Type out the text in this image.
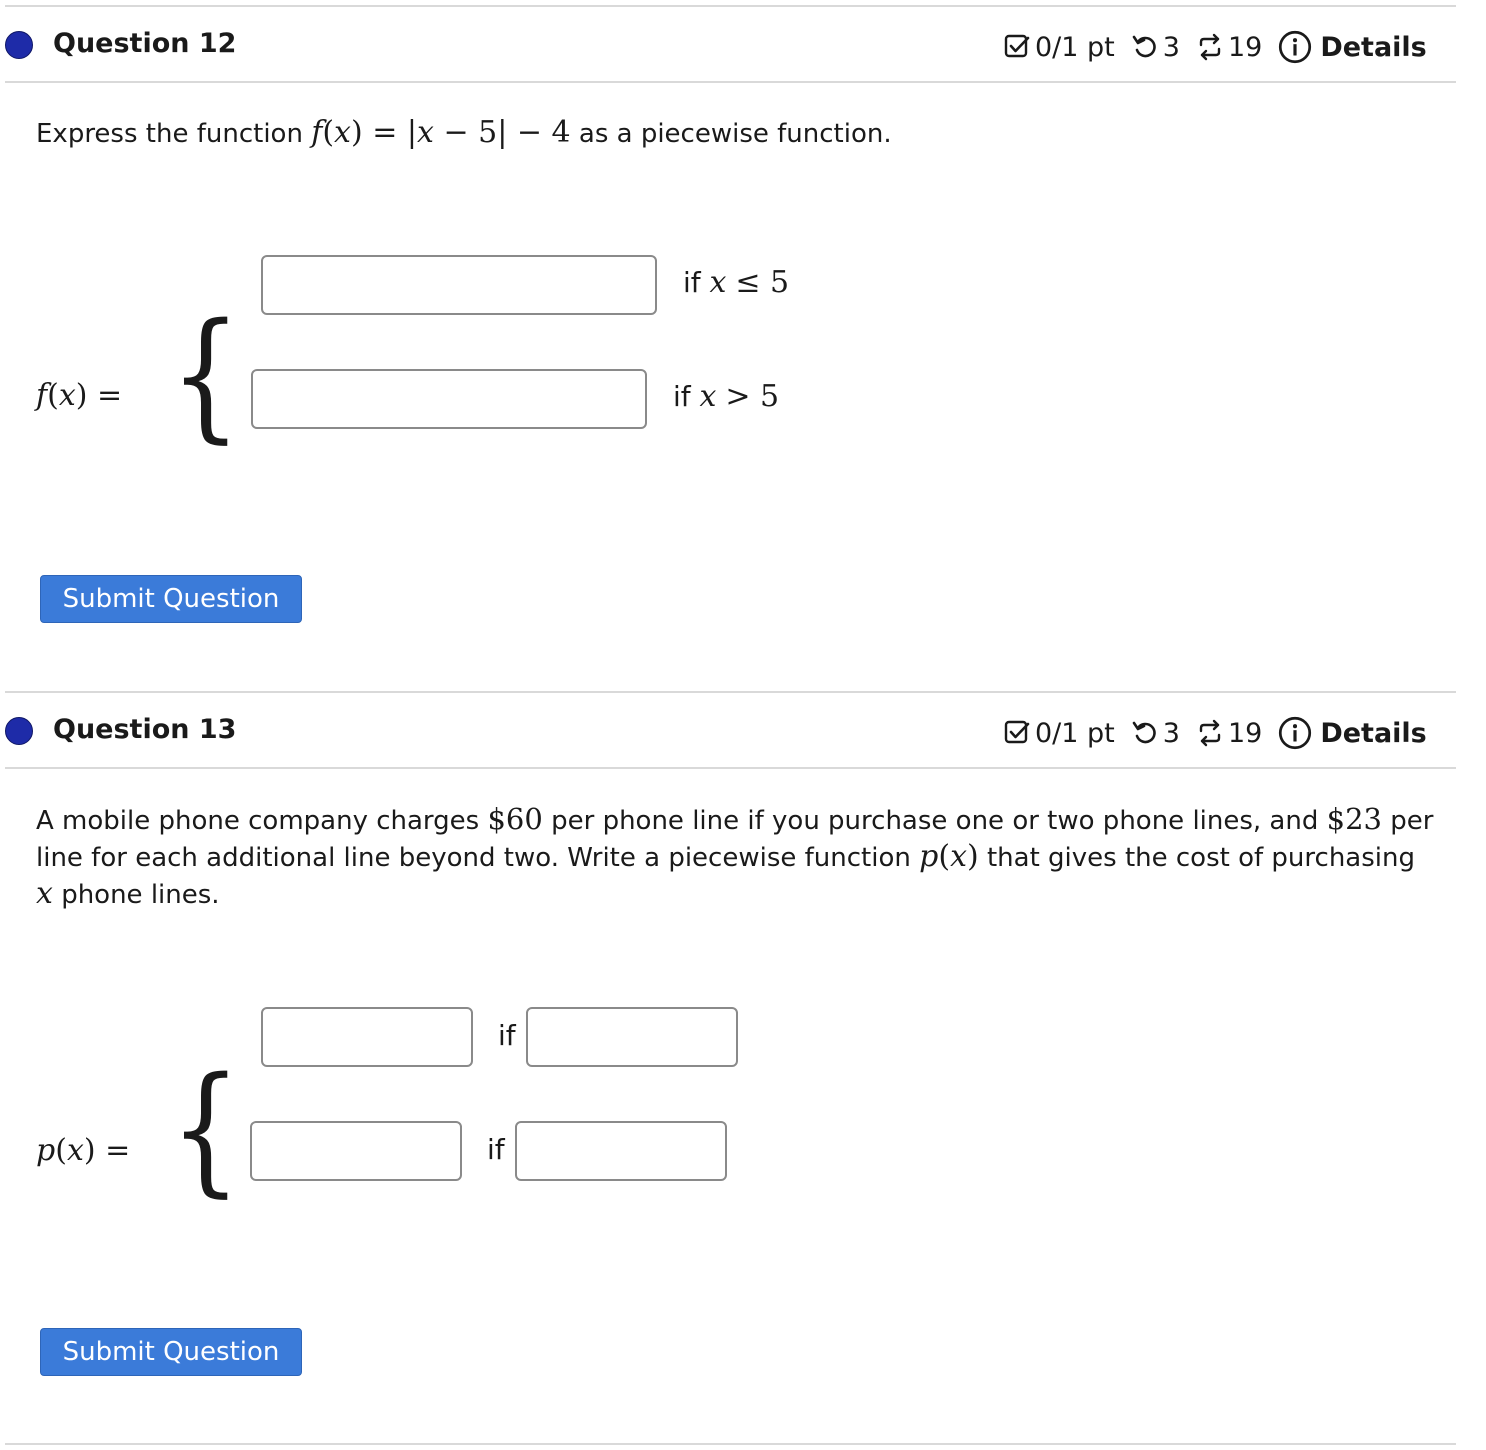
Question 12	0/1 pt 3 19 Details
Express the function f(x) = |x − 5| − 4 as a piecewise function.
f(x) = {
if x ≤ 5
if x > 5
Submit Question
Question 13	0/1 pt 3 19 Details
A mobile phone company charges $60 per phone line if you purchase one or two phone lines, and $23 per
line for each additional line beyond two. Write a piecewise function p(x) that gives the cost of purchasing
x phone lines.
p(x) = {
if
if
Submit Question
